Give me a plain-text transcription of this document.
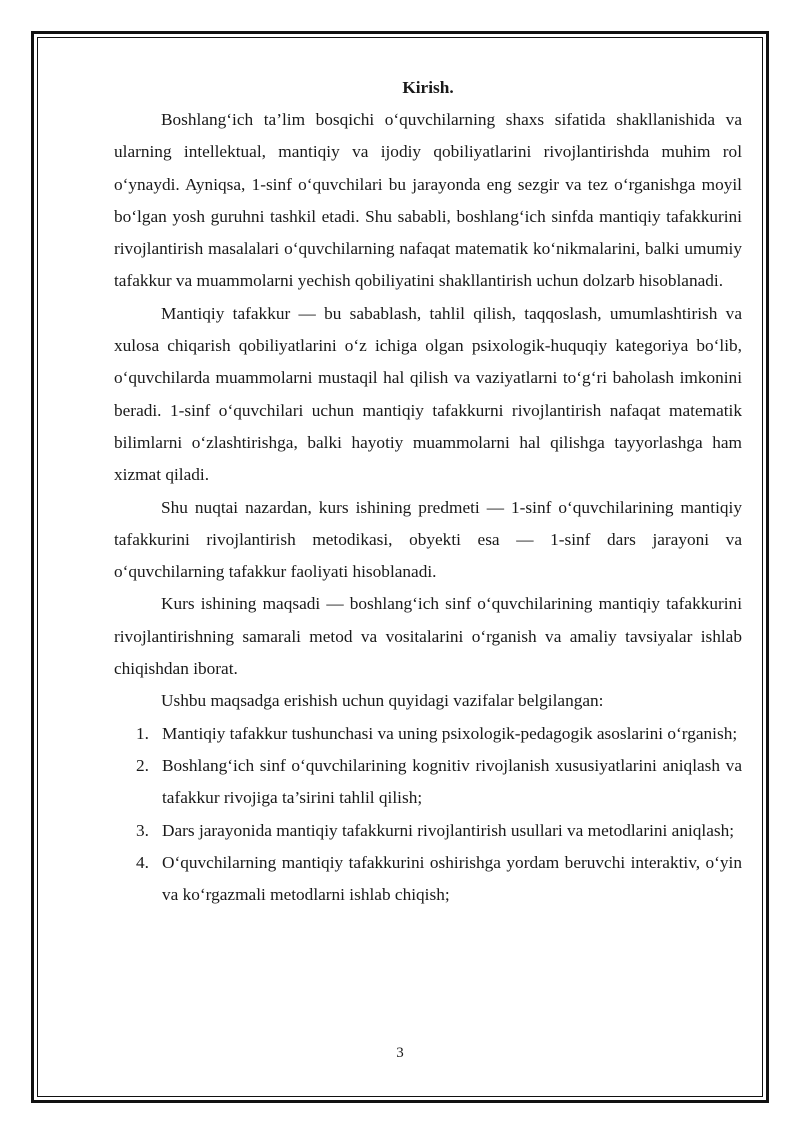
Kirish.

Boshlang‘ich ta’lim bosqichi o‘quvchilarning shaxs sifatida shakllanishida va ularning intellektual, mantiqiy va ijodiy qobiliyatlarini rivojlantirishda muhim rol o‘ynaydi. Ayniqsa, 1-sinf o‘quvchilari bu jarayonda eng sezgir va tez o‘rganishga moyil bo‘lgan yosh guruhni tashkil etadi. Shu sababli, boshlang‘ich sinfda mantiqiy tafakkurini rivojlantirish masalalari o‘quvchilarning nafaqat matematik ko‘nikmalarini, balki umumiy tafakkur va muammolarni yechish qobiliyatini shakllantirish uchun dolzarb hisoblanadi.

Mantiqiy tafakkur — bu sabablash, tahlil qilish, taqqoslash, umumlashtirish va xulosa chiqarish qobiliyatlarini o‘z ichiga olgan psixologik-huquqiy kategoriya bo‘lib, o‘quvchilarda muammolarni mustaqil hal qilish va vaziyatlarni to‘g‘ri baholash imkonini beradi. 1-sinf o‘quvchilari uchun mantiqiy tafakkurni rivojlantirish nafaqat matematik bilimlarni o‘zlashtirishga, balki hayotiy muammolarni hal qilishga tayyorlashga ham xizmat qiladi.

Shu nuqtai nazardan, kurs ishining predmeti — 1-sinf o‘quvchilarining mantiqiy tafakkurini rivojlantirish metodikasi, obyekti esa — 1-sinf dars jarayoni va o‘quvchilarning tafakkur faoliyati hisoblanadi.

Kurs ishining maqsadi — boshlang‘ich sinf o‘quvchilarining mantiqiy tafakkurini rivojlantirishning samarali metod va vositalarini o‘rganish va amaliy tavsiyalar ishlab chiqishdan iborat.

Ushbu maqsadga erishish uchun quyidagi vazifalar belgilangan:

1. Mantiqiy tafakkur tushunchasi va uning psixologik-pedagogik asoslarini o‘rganish;
2. Boshlang‘ich sinf o‘quvchilarining kognitiv rivojlanish xususiyatlarini aniqlash va tafakkur rivojiga ta’sirini tahlil qilish;
3. Dars jarayonida mantiqiy tafakkurni rivojlantirish usullari va metodlarini aniqlash;
4. O‘quvchilarning mantiqiy tafakkurini oshirishga yordam beruvchi interaktiv, o‘yin va ko‘rgazmali metodlarni ishlab chiqish;
3
